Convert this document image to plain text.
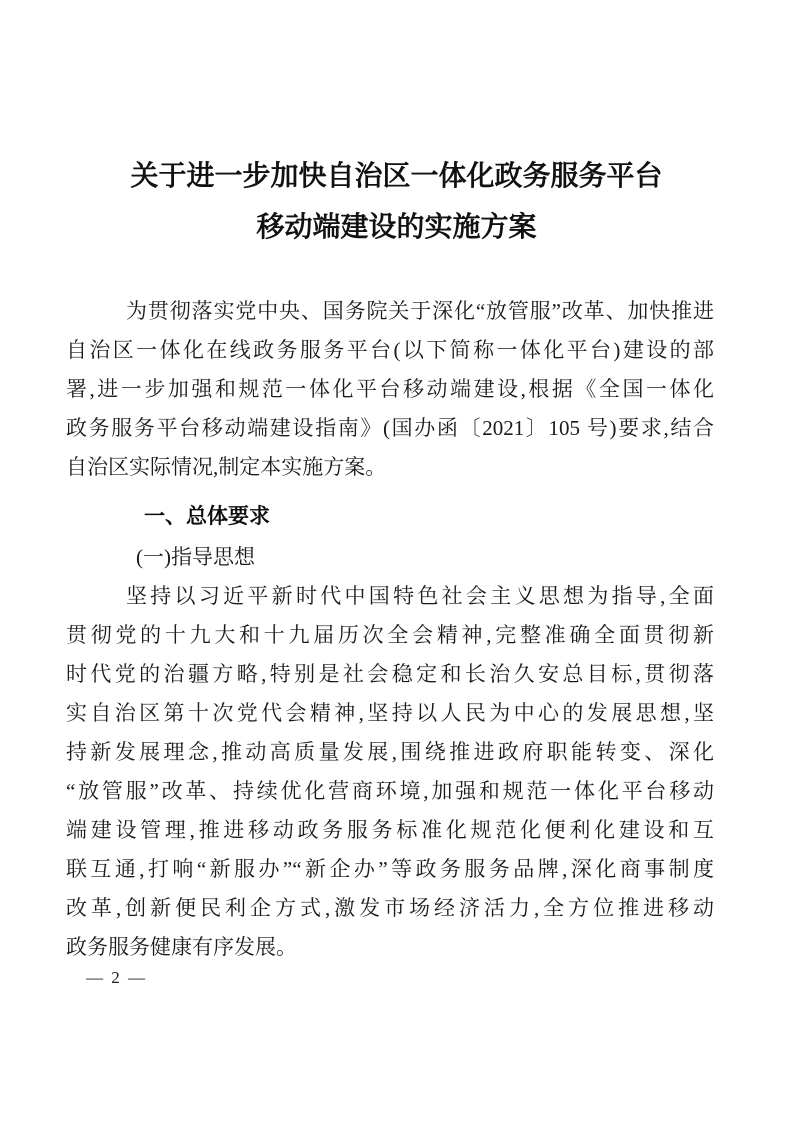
关于进一步加快自治区一体化政务服务平台
移动端建设的实施方案
为贯彻落实党中央、国务院关于深化“放管服”改革、加快推进
自治区一体化在线政务服务平台(以下简称一体化平台)建设的部
署,进一步加强和规范一体化平台移动端建设,根据《全国一体化
政务服务平台移动端建设指南》(国办函〔2021〕105 号)要求,结合
自治区实际情况,制定本实施方案。
一、总体要求
(一)指导思想
坚持以习近平新时代中国特色社会主义思想为指导,全面
贯彻党的十九大和十九届历次全会精神,完整准确全面贯彻新
时代党的治疆方略,特别是社会稳定和长治久安总目标,贯彻落
实自治区第十次党代会精神,坚持以人民为中心的发展思想,坚
持新发展理念,推动高质量发展,围绕推进政府职能转变、深化
“放管服”改革、持续优化营商环境,加强和规范一体化平台移动
端建设管理,推进移动政务服务标准化规范化便利化建设和互
联互通,打响“新服办”“新企办”等政务服务品牌,深化商事制度
改革,创新便民利企方式,激发市场经济活力,全方位推进移动
政务服务健康有序发展。
— 2 —
